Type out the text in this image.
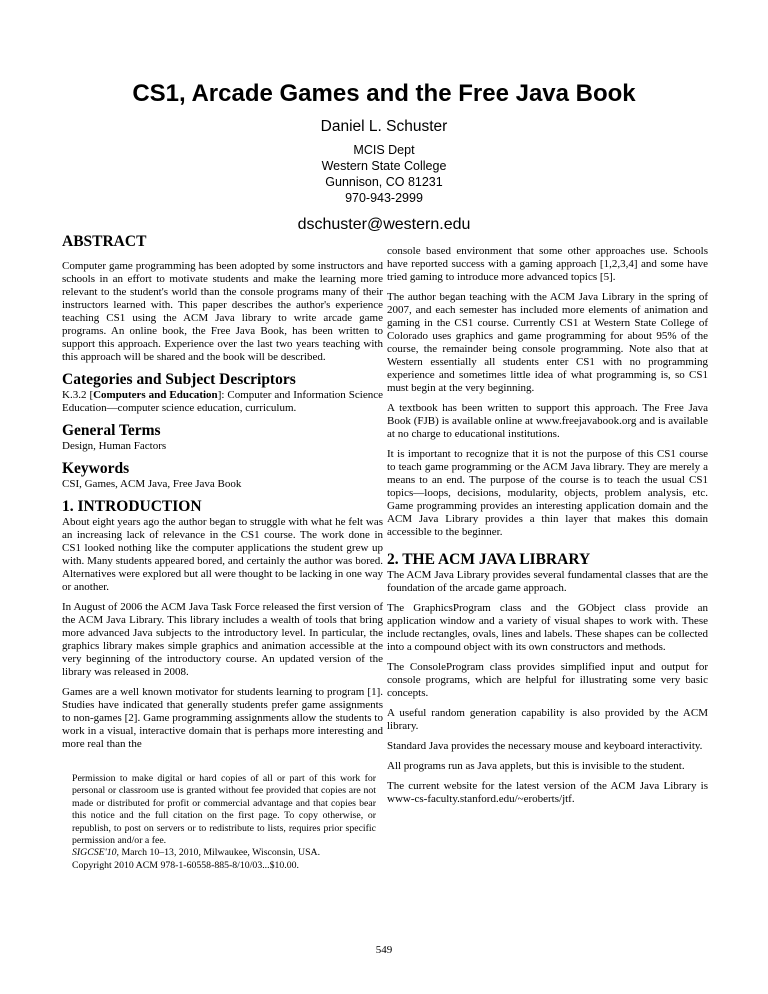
CS1, Arcade Games and the Free Java Book
Daniel L. Schuster
MCIS Dept
Western State College
Gunnison, CO 81231
970-943-2999
dschuster@western.edu
ABSTRACT
Computer game programming has been adopted by some instructors and schools in an effort to motivate students and make the learning more relevant to the student's world than the console programs many of their instructors learned with. This paper describes the author's experience teaching CS1 using the ACM Java library to write arcade game programs. An online book, the Free Java Book, has been written to support this approach. Experience over the last two years teaching with this approach will be shared and the book will be described.
Categories and Subject Descriptors
K.3.2 [Computers and Education]: Computer and Information Science Education—computer science education, curriculum.
General Terms
Design, Human Factors
Keywords
CSI, Games, ACM Java, Free Java Book
1. INTRODUCTION
About eight years ago the author began to struggle with what he felt was an increasing lack of relevance in the CS1 course. The work done in CS1 looked nothing like the computer applications the student grew up with. Many students appeared bored, and certainly the author was bored. Alternatives were explored but all were thought to be lacking in one way or another.
In August of 2006 the ACM Java Task Force released the first version of the ACM Java Library. This library includes a wealth of tools that bring more advanced Java subjects to the introductory level. In particular, the graphics library makes simple graphics and animation accessible at the very beginning of the introductory course. An updated version of the library was released in 2008.
Games are a well known motivator for students learning to program [1]. Studies have indicated that generally students prefer game assignments to non-games [2]. Game programming assignments allow the students to work in a visual, interactive domain that is perhaps more interesting and more real than the
Permission to make digital or hard copies of all or part of this work for personal or classroom use is granted without fee provided that copies are not made or distributed for profit or commercial advantage and that copies bear this notice and the full citation on the first page. To copy otherwise, or republish, to post on servers or to redistribute to lists, requires prior specific permission and/or a fee.
SIGCSE'10, March 10–13, 2010, Milwaukee, Wisconsin, USA.
Copyright 2010 ACM 978-1-60558-885-8/10/03...$10.00.
console based environment that some other approaches use. Schools have reported success with a gaming approach [1,2,3,4] and some have tried gaming to introduce more advanced topics [5].
The author began teaching with the ACM Java Library in the spring of 2007, and each semester has included more elements of animation and gaming in the CS1 course. Currently CS1 at Western State College of Colorado uses graphics and game programming for about 95% of the course, the remainder being console programming. Note also that at Western essentially all students enter CS1 with no programming experience and sometimes little idea of what programming is, so CS1 must begin at the very beginning.
A textbook has been written to support this approach. The Free Java Book (FJB) is available online at www.freejavabook.org and is available at no charge to educational institutions.
It is important to recognize that it is not the purpose of this CS1 course to teach game programming or the ACM Java library. They are merely a means to an end. The purpose of the course is to teach the usual CS1 topics—loops, decisions, modularity, objects, problem analysis, etc. Game programming provides an interesting application domain and the ACM Java Library provides a thin layer that makes this domain accessible to the beginner.
2. THE ACM JAVA LIBRARY
The ACM Java Library provides several fundamental classes that are the foundation of the arcade game approach.
The GraphicsProgram class and the GObject class provide an application window and a variety of visual shapes to work with. These include rectangles, ovals, lines and labels. These shapes can be collected into a compound object with its own constructors and methods.
The ConsoleProgram class provides simplified input and output for console programs, which are helpful for illustrating some very basic concepts.
A useful random generation capability is also provided by the ACM library.
Standard Java provides the necessary mouse and keyboard interactivity.
All programs run as Java applets, but this is invisible to the student.
The current website for the latest version of the ACM Java Library is www-cs-faculty.stanford.edu/~eroberts/jtf.
549
